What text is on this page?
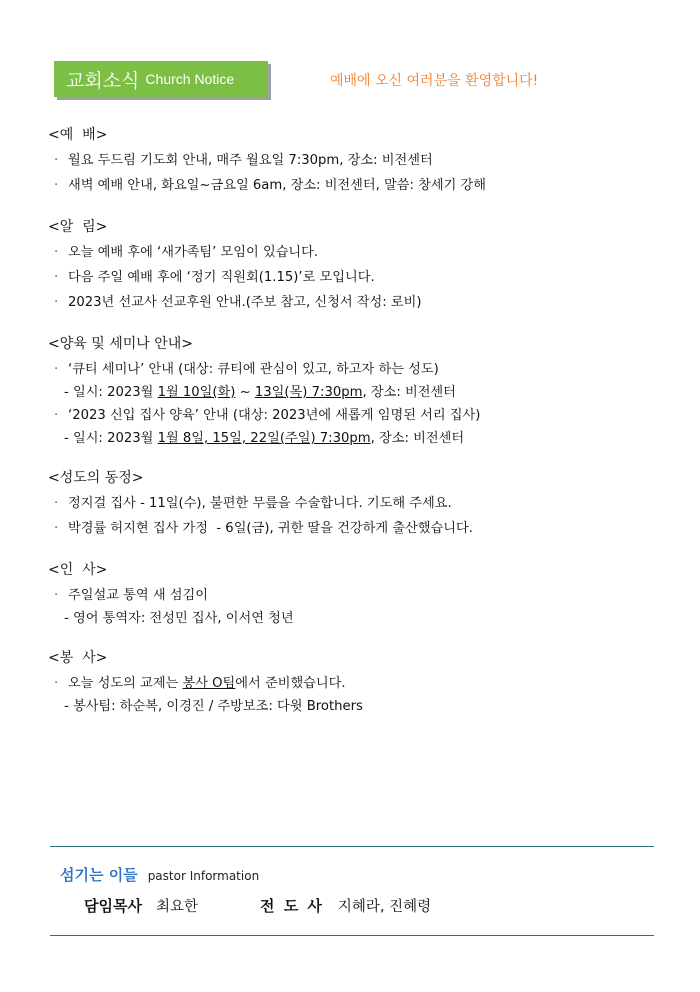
교회소식 Church Notice	예배에 오신 여러분을 환영합니다!
<예  배>
· 월요 두드림 기도회 안내, 매주 월요일 7:30pm, 장소: 비전센터
· 새벽 예배 안내, 화요일~금요일 6am, 장소: 비전센터, 말씀: 창세기 강해
<알  림>
· 오늘 예배 후에 ‘새가족팀’ 모임이 있습니다.
· 다음 주일 예배 후에 ‘정기 직원회(1.15)’로 모입니다.
· 2023년 선교사 선교후원 안내.(주보 참고, 신청서 작성: 로비)
<양육 및 세미나 안내>
· ‘큐티 세미나’ 안내 (대상: 큐티에 관심이 있고, 하고자 하는 성도)
- 일시: 2023월 1월 10일(화) ~ 13일(목) 7:30pm, 장소: 비전센터
· ‘2023 신입 집사 양육’ 안내 (대상: 2023년에 새롭게 임명된 서리 집사)
- 일시: 2023월 1월 8일, 15일, 22일(주일) 7:30pm, 장소: 비전센터
<성도의 동정>
· 정지걸 집사 - 11일(수), 불편한 무릎을 수술합니다. 기도해 주세요.
· 박경률 허지현 집사 가정  - 6일(금), 귀한 딸을 건강하게 출산했습니다.
<인  사>
· 주일설교 통역 새 섬김이
- 영어 통역자: 전성민 집사, 이서연 청년
<봉  사>
· 오늘 성도의 교제는 봉사 O팀에서 준비했습니다.
- 봉사팀: 하순복, 이경진 / 주방보조: 다윗 Brothers
섬기는 이들 pastor Information
담임목사 최요한	전 도 사 지혜라, 진혜령
